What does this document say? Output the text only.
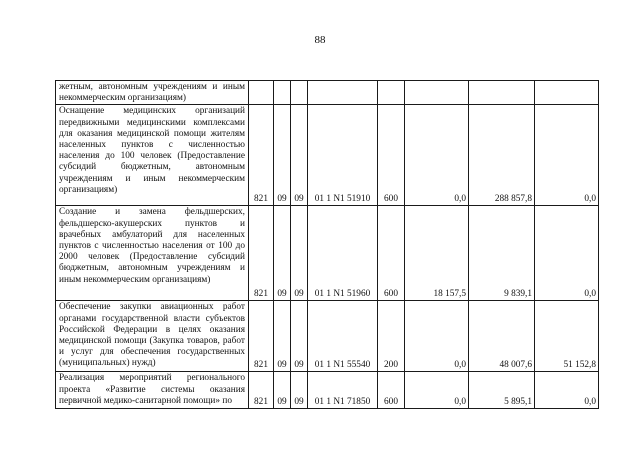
88
жетным, автономным учреждениям и иным некоммерческим организациям)								
Оснащение медицинских организаций передвижными медицинскими комплексами для оказания медицинской помощи жителям населенных пунктов с численностью населения до 100 человек (Предоставление субсидий бюджетным, автономным учреждениям и иным некоммерческим организациям)	821	09	09	01 1 N1 51910	600	0,0	288 857,8	0,0
Создание и замена фельдшерских, фельдшерско-акушерских пунктов и врачебных амбулаторий для населенных пунктов с численностью населения от 100 до 2000 человек (Предоставление субсидий бюджетным, автономным учреждениям и иным некоммерческим организациям)	821	09	09	01 1 N1 51960	600	18 157,5	9 839,1	0,0
Обеспечение закупки авиационных работ органами государственной власти субъектов Российской Федерации в целях оказания медицинской помощи (Закупка товаров, работ и услуг для обеспечения государственных (муниципальных) нужд)	821	09	09	01 1 N1 55540	200	0,0	48 007,6	51 152,8
Реализация мероприятий регионального проекта «Развитие системы оказания первичной медико-санитарной помощи» по	821	09	09	01 1 N1 71850	600	0,0	5 895,1	0,0
